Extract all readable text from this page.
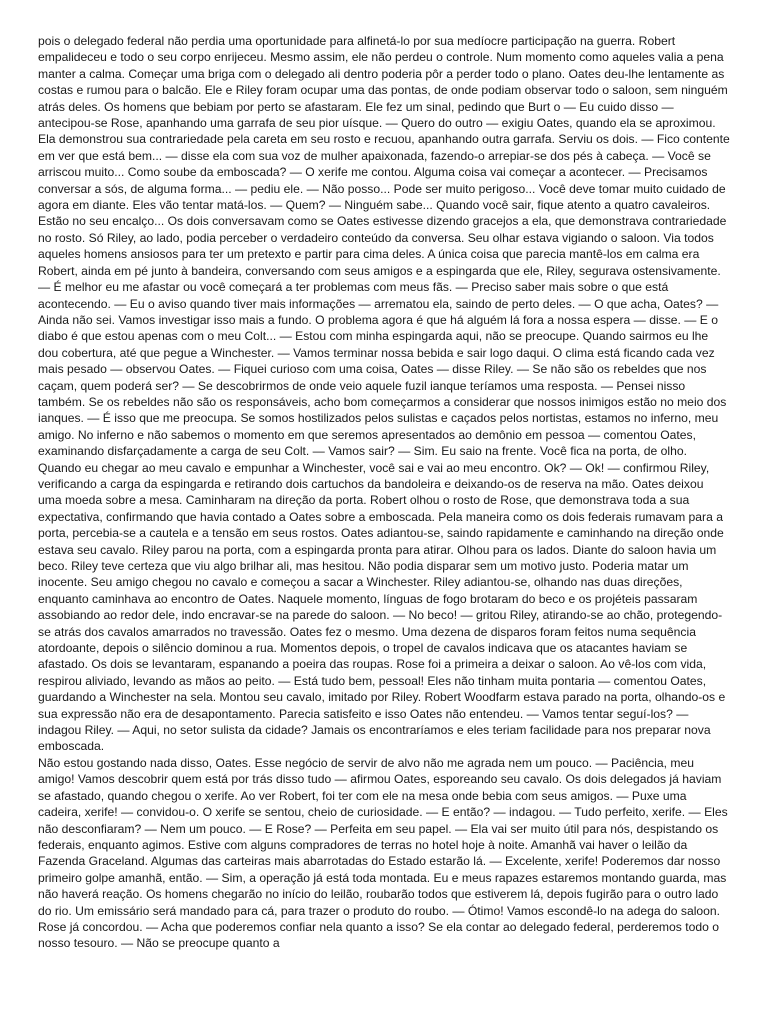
pois o delegado federal não perdia uma oportunidade para alfinetá-lo por sua medíocre participação na guerra. Robert empalideceu e todo o seu corpo enrijeceu. Mesmo assim, ele não perdeu o controle. Num momento como aqueles valia a pena manter a calma. Começar uma briga com o delegado ali dentro poderia pôr a perder todo o plano. Oates deu-lhe lentamente as costas e rumou para o balcão. Ele e Riley foram ocupar uma das pontas, de onde podiam observar todo o saloon, sem ninguém atrás deles. Os homens que bebiam por perto se afastaram. Ele fez um sinal, pedindo que Burt o — Eu cuido disso — antecipou-se Rose, apanhando uma garrafa de seu pior uísque. — Quero do outro — exigiu Oates, quando ela se aproximou. Ela demonstrou sua contrariedade pela careta em seu rosto e recuou, apanhando outra garrafa. Serviu os dois. — Fico contente em ver que está bem... — disse ela com sua voz de mulher apaixonada, fazendo-o arrepiar-se dos pés à cabeça. — Você se arriscou muito... Como soube da emboscada? — O xerife me contou. Alguma coisa vai começar a acontecer. — Precisamos conversar a sós, de alguma forma... — pediu ele. — Não posso... Pode ser muito perigoso... Você deve tomar muito cuidado de agora em diante. Eles vão tentar matá-los. — Quem? — Ninguém sabe... Quando você sair, fique atento a quatro cavaleiros. Estão no seu encalço... Os dois conversavam como se Oates estivesse dizendo gracejos a ela, que demonstrava contrariedade no rosto. Só Riley, ao lado, podia perceber o verdadeiro conteúdo da conversa. Seu olhar estava vigiando o saloon. Via todos aqueles homens ansiosos para ter um pretexto e partir para cima deles. A única coisa que parecia mantê-los em calma era Robert, ainda em pé junto à bandeira, conversando com seus amigos e a espingarda que ele, Riley, segurava ostensivamente. — É melhor eu me afastar ou você começará a ter problemas com meus fãs. — Preciso saber mais sobre o que está acontecendo. — Eu o aviso quando tiver mais informações — arrematou ela, saindo de perto deles. — O que acha, Oates? — Ainda não sei. Vamos investigar isso mais a fundo. O problema agora é que há alguém lá fora a nossa espera — disse. — E o diabo é que estou apenas com o meu Colt... — Estou com minha espingarda aqui, não se preocupe. Quando sairmos eu lhe dou cobertura, até que pegue a Winchester. — Vamos terminar nossa bebida e sair logo daqui. O clima está ficando cada vez mais pesado — observou Oates. — Fiquei curioso com uma coisa, Oates — disse Riley. — Se não são os rebeldes que nos caçam, quem poderá ser? — Se descobrirmos de onde veio aquele fuzil ianque teríamos uma resposta. — Pensei nisso também. Se os rebeldes não são os responsáveis, acho bom começarmos a considerar que nossos inimigos estão no meio dos ianques. — É isso que me preocupa. Se somos hostilizados pelos sulistas e caçados pelos nortistas, estamos no inferno, meu amigo. No inferno e não sabemos o momento em que seremos apresentados ao demônio em pessoa — comentou Oates, examinando disfarçadamente a carga de seu Colt. — Vamos sair? — Sim. Eu saio na frente. Você fica na porta, de olho. Quando eu chegar ao meu cavalo e empunhar a Winchester, você sai e vai ao meu encontro. Ok? — Ok! — confirmou Riley, verificando a carga da espingarda e retirando dois cartuchos da bandoleira e deixando-os de reserva na mão. Oates deixou uma moeda sobre a mesa. Caminharam na direção da porta. Robert olhou o rosto de Rose, que demonstrava toda a sua expectativa, confirmando que havia contado a Oates sobre a emboscada. Pela maneira como os dois federais rumavam para a porta, percebia-se a cautela e a tensão em seus rostos. Oates adiantou-se, saindo rapidamente e caminhando na direção onde estava seu cavalo. Riley parou na porta, com a espingarda pronta para atirar. Olhou para os lados. Diante do saloon havia um beco. Riley teve certeza que viu algo brilhar ali, mas hesitou. Não podia disparar sem um motivo justo. Poderia matar um inocente. Seu amigo chegou no cavalo e começou a sacar a Winchester. Riley adiantou-se, olhando nas duas direções, enquanto caminhava ao encontro de Oates. Naquele momento, línguas de fogo brotaram do beco e os projéteis passaram assobiando ao redor dele, indo encravar-se na parede do saloon. — No beco! — gritou Riley, atirando-se ao chão, protegendo-se atrás dos cavalos amarrados no travessão. Oates fez o mesmo. Uma dezena de disparos foram feitos numa sequência atordoante, depois o silêncio dominou a rua. Momentos depois, o tropel de cavalos indicava que os atacantes haviam se afastado. Os dois se levantaram, espanando a poeira das roupas. Rose foi a primeira a deixar o saloon. Ao vê-los com vida, respirou aliviado, levando as mãos ao peito. — Está tudo bem, pessoal! Eles não tinham muita pontaria — comentou Oates, guardando a Winchester na sela. Montou seu cavalo, imitado por Riley. Robert Woodfarm estava parado na porta, olhando-os e sua expressão não era de desapontamento. Parecia satisfeito e isso Oates não entendeu. — Vamos tentar seguí-los? — indagou Riley. — Aqui, no setor sulista da cidade? Jamais os encontraríamos e eles teriam facilidade para nos preparar nova emboscada.

Não estou gostando nada disso, Oates. Esse negócio de servir de alvo não me agrada nem um pouco. — Paciência, meu amigo! Vamos descobrir quem está por trás disso tudo — afirmou Oates, esporeando seu cavalo. Os dois delegados já haviam se afastado, quando chegou o xerife. Ao ver Robert, foi ter com ele na mesa onde bebia com seus amigos. — Puxe uma cadeira, xerife! — convidou-o. O xerife se sentou, cheio de curiosidade. — E então? — indagou. — Tudo perfeito, xerife. — Eles não desconfiaram? — Nem um pouco. — E Rose? — Perfeita em seu papel. — Ela vai ser muito útil para nós, despistando os federais, enquanto agimos. Estive com alguns compradores de terras no hotel hoje à noite. Amanhã vai haver o leilão da Fazenda Graceland. Algumas das carteiras mais abarrotadas do Estado estarão lá. — Excelente, xerife! Poderemos dar nosso primeiro golpe amanhã, então. — Sim, a operação já está toda montada. Eu e meus rapazes estaremos montando guarda, mas não haverá reação. Os homens chegarão no início do leilão, roubarão todos que estiverem lá, depois fugirão para o outro lado do rio. Um emissário será mandado para cá, para trazer o produto do roubo. — Ótimo! Vamos escondê-lo na adega do saloon. Rose já concordou. — Acha que poderemos confiar nela quanto a isso? Se ela contar ao delegado federal, perderemos todo o nosso tesouro. — Não se preocupe quanto a
